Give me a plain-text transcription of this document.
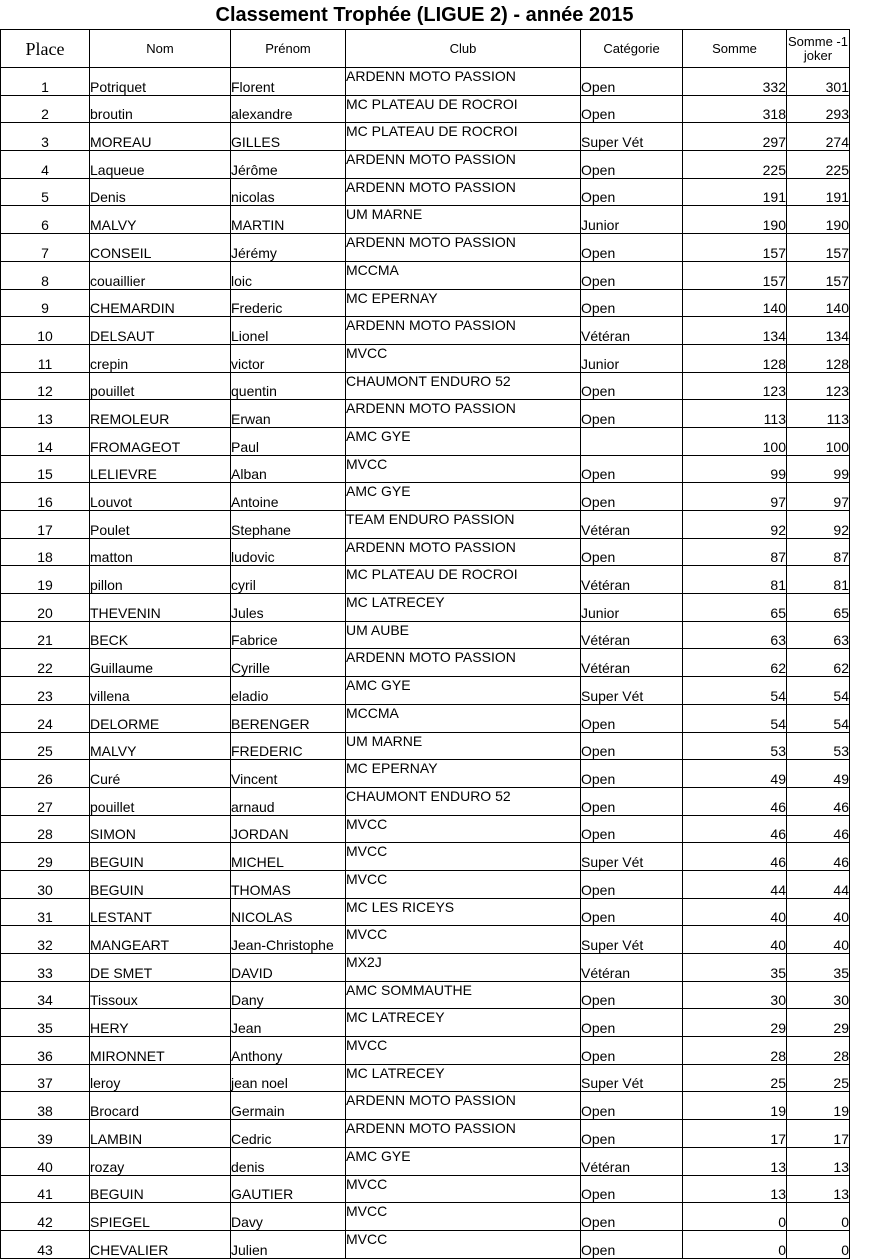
Classement Trophée (LIGUE 2) - année 2015
Place	Nom	Prénom	Club	Catégorie	Somme	Somme -1 joker
1	Potriquet	Florent	ARDENN MOTO PASSION	Open	332	301
2	broutin	alexandre	MC PLATEAU DE ROCROI	Open	318	293
3	MOREAU	GILLES	MC PLATEAU DE ROCROI	Super Vét	297	274
4	Laqueue	Jérôme	ARDENN MOTO PASSION	Open	225	225
5	Denis	nicolas	ARDENN MOTO PASSION	Open	191	191
6	MALVY	MARTIN	UM MARNE	Junior	190	190
7	CONSEIL	Jérémy	ARDENN MOTO PASSION	Open	157	157
8	couaillier	loic	MCCMA	Open	157	157
9	CHEMARDIN	Frederic	MC EPERNAY	Open	140	140
10	DELSAUT	Lionel	ARDENN MOTO PASSION	Vétéran	134	134
11	crepin	victor	MVCC	Junior	128	128
12	pouillet	quentin	CHAUMONT ENDURO 52	Open	123	123
13	REMOLEUR	Erwan	ARDENN MOTO PASSION	Open	113	113
14	FROMAGEOT	Paul	AMC GYE		100	100
15	LELIEVRE	Alban	MVCC	Open	99	99
16	Louvot	Antoine	AMC GYE	Open	97	97
17	Poulet	Stephane	TEAM ENDURO PASSION	Vétéran	92	92
18	matton	ludovic	ARDENN MOTO PASSION	Open	87	87
19	pillon	cyril	MC PLATEAU DE ROCROI	Vétéran	81	81
20	THEVENIN	Jules	MC LATRECEY	Junior	65	65
21	BECK	Fabrice	UM AUBE	Vétéran	63	63
22	Guillaume	Cyrille	ARDENN MOTO PASSION	Vétéran	62	62
23	villena	eladio	AMC GYE	Super Vét	54	54
24	DELORME	BERENGER	MCCMA	Open	54	54
25	MALVY	FREDERIC	UM MARNE	Open	53	53
26	Curé	Vincent	MC EPERNAY	Open	49	49
27	pouillet	arnaud	CHAUMONT ENDURO 52	Open	46	46
28	SIMON	JORDAN	MVCC	Open	46	46
29	BEGUIN	MICHEL	MVCC	Super Vét	46	46
30	BEGUIN	THOMAS	MVCC	Open	44	44
31	LESTANT	NICOLAS	MC LES RICEYS	Open	40	40
32	MANGEART	Jean-Christophe	MVCC	Super Vét	40	40
33	DE SMET	DAVID	MX2J	Vétéran	35	35
34	Tissoux	Dany	AMC SOMMAUTHE	Open	30	30
35	HERY	Jean	MC LATRECEY	Open	29	29
36	MIRONNET	Anthony	MVCC	Open	28	28
37	leroy	jean noel	MC LATRECEY	Super Vét	25	25
38	Brocard	Germain	ARDENN MOTO PASSION	Open	19	19
39	LAMBIN	Cedric	ARDENN MOTO PASSION	Open	17	17
40	rozay	denis	AMC GYE	Vétéran	13	13
41	BEGUIN	GAUTIER	MVCC	Open	13	13
42	SPIEGEL	Davy	MVCC	Open	0	0
43	CHEVALIER	Julien	MVCC	Open	0	0
